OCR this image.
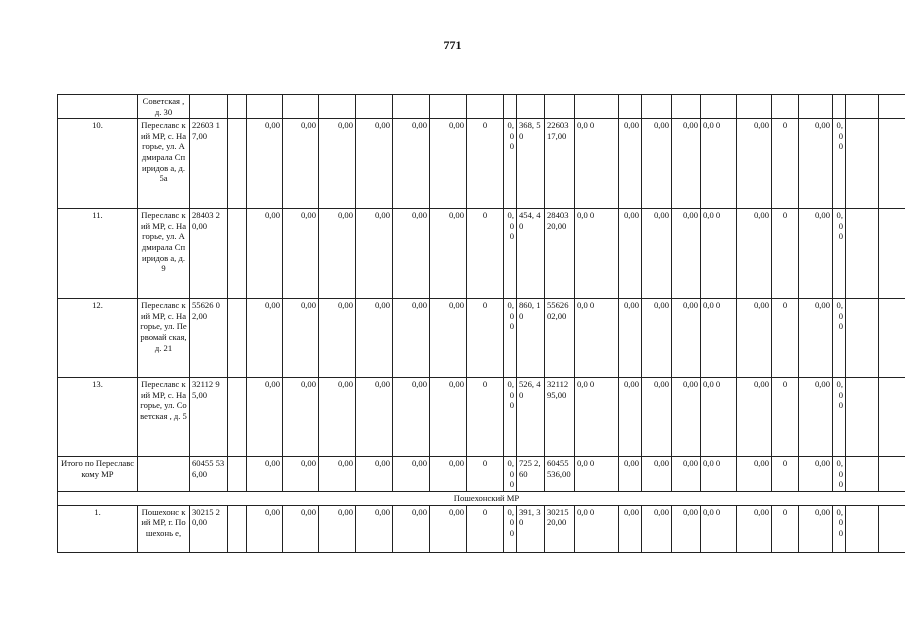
771
	Советская , д. 30																							
10.	Переславс кий МР, с. Нагорье, ул. Адмирала Спиридов а, д. 5а	22603 17,00		0,00	0,00	0,00	0,00	0,00	0,00	0	0,00	368, 50	22603 17,00	0,0 0	0,00	0,00	0,00	0,0 0	0,00	0	0,00	0,00		
11.	Переславс кий МР, с. Нагорье, ул. Адмирала Спиридов а, д. 9	28403 20,00		0,00	0,00	0,00	0,00	0,00	0,00	0	0,00	454, 40	28403 20,00	0,0 0	0,00	0,00	0,00	0,0 0	0,00	0	0,00	0,00		
12.	Переславс кий МР, с. Нагорье, ул. Первомай ская, д. 21	55626 02,00		0,00	0,00	0,00	0,00	0,00	0,00	0	0,00	860, 10	55626 02,00	0,0 0	0,00	0,00	0,00	0,0 0	0,00	0	0,00	0,00		
13.	Переславс кий МР, с. Нагорье, ул. Советская , д. 5	32112 95,00		0,00	0,00	0,00	0,00	0,00	0,00	0	0,00	526, 40	32112 95,00	0,0 0	0,00	0,00	0,00	0,0 0	0,00	0	0,00	0,00		
Итого по Переславскому МР		60455 536,00		0,00	0,00	0,00	0,00	0,00	0,00	0	0,00	725 2,60	60455 536,00	0,0 0	0,00	0,00	0,00	0,0 0	0,00	0	0,00	0,00		
Пошехонский МР																								
1.	Пошехонс кий МР, г. Пошехонь е,	30215 20,00		0,00	0,00	0,00	0,00	0,00	0,00	0	0,00	391, 30	30215 20,00	0,0 0	0,00	0,00	0,00	0,0 0	0,00	0	0,00	0,00		
